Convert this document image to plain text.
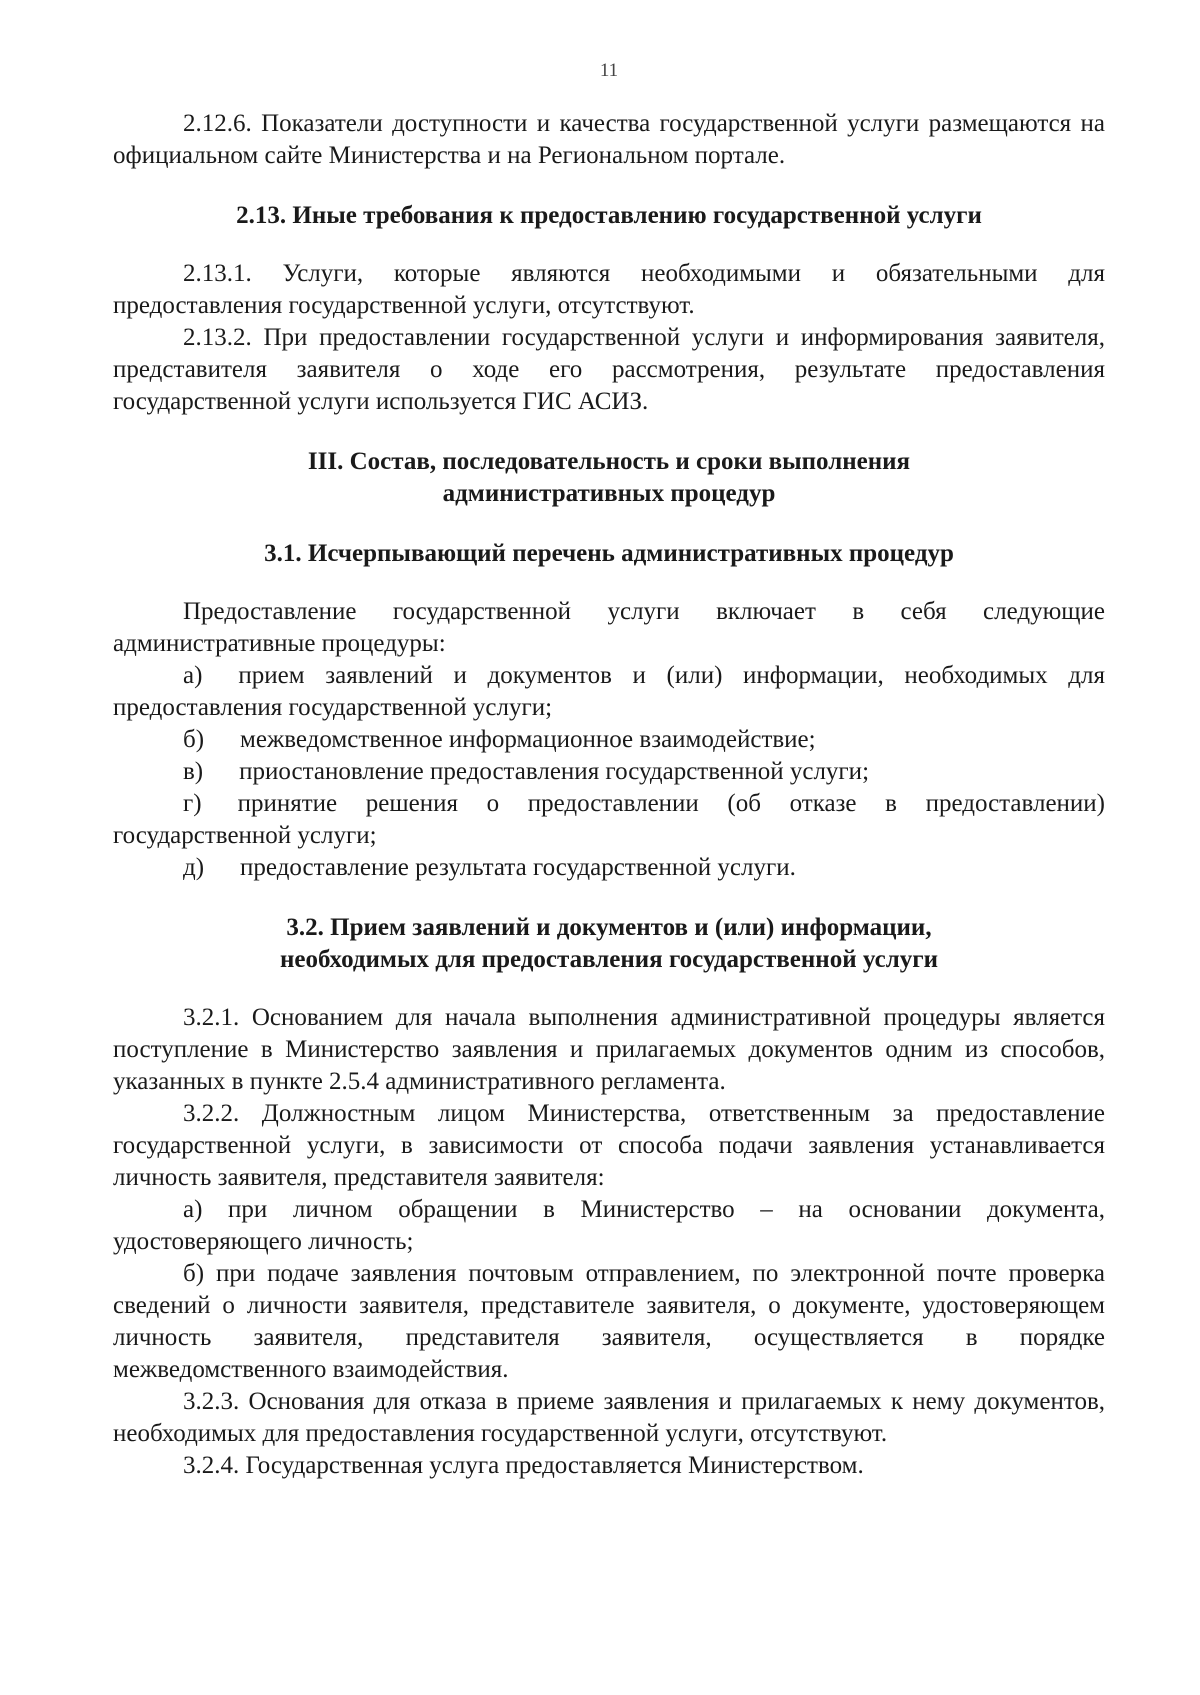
11

2.12.6. Показатели доступности и качества государственной услуги размещаются на официальном сайте Министерства и на Региональном портале.

2.13. Иные требования к предоставлению государственной услуги

2.13.1. Услуги, которые являются необходимыми и обязательными для предоставления государственной услуги, отсутствуют.

2.13.2. При предоставлении государственной услуги и информирования заявителя, представителя заявителя о ходе его рассмотрения, результате предоставления государственной услуги используется ГИС АСИЗ.

III. Состав, последовательность и сроки выполнения
административных процедур
3.1. Исчерпывающий перечень административных процедур

Предоставление государственной услуги включает в себя следующие административные процедуры:

а) прием заявлений и документов и (или) информации, необходимых для предоставления государственной услуги;
б) межведомственное информационное взаимодействие;
в) приостановление предоставления государственной услуги;
г) принятие решения о предоставлении (об отказе в предоставлении) государственной услуги;
д) предоставление результата государственной услуги.
3.2. Прием заявлений и документов и (или) информации,
необходимых для предоставления государственной услуги

3.2.1. Основанием для начала выполнения административной процедуры является поступление в Министерство заявления и прилагаемых документов одним из способов, указанных в пункте 2.5.4 административного регламента.

3.2.2. Должностным лицом Министерства, ответственным за предоставление государственной услуги, в зависимости от способа подачи заявления устанавливается личность заявителя, представителя заявителя:

а) при личном обращении в Министерство – на основании документа, удостоверяющего личность;

б) при подаче заявления почтовым отправлением, по электронной почте проверка сведений о личности заявителя, представителе заявителя, о документе, удостоверяющем личность заявителя, представителя заявителя, осуществляется в порядке межведомственного взаимодействия.

3.2.3. Основания для отказа в приеме заявления и прилагаемых к нему документов, необходимых для предоставления государственной услуги, отсутствуют.

3.2.4. Государственная услуга предоставляется Министерством.
